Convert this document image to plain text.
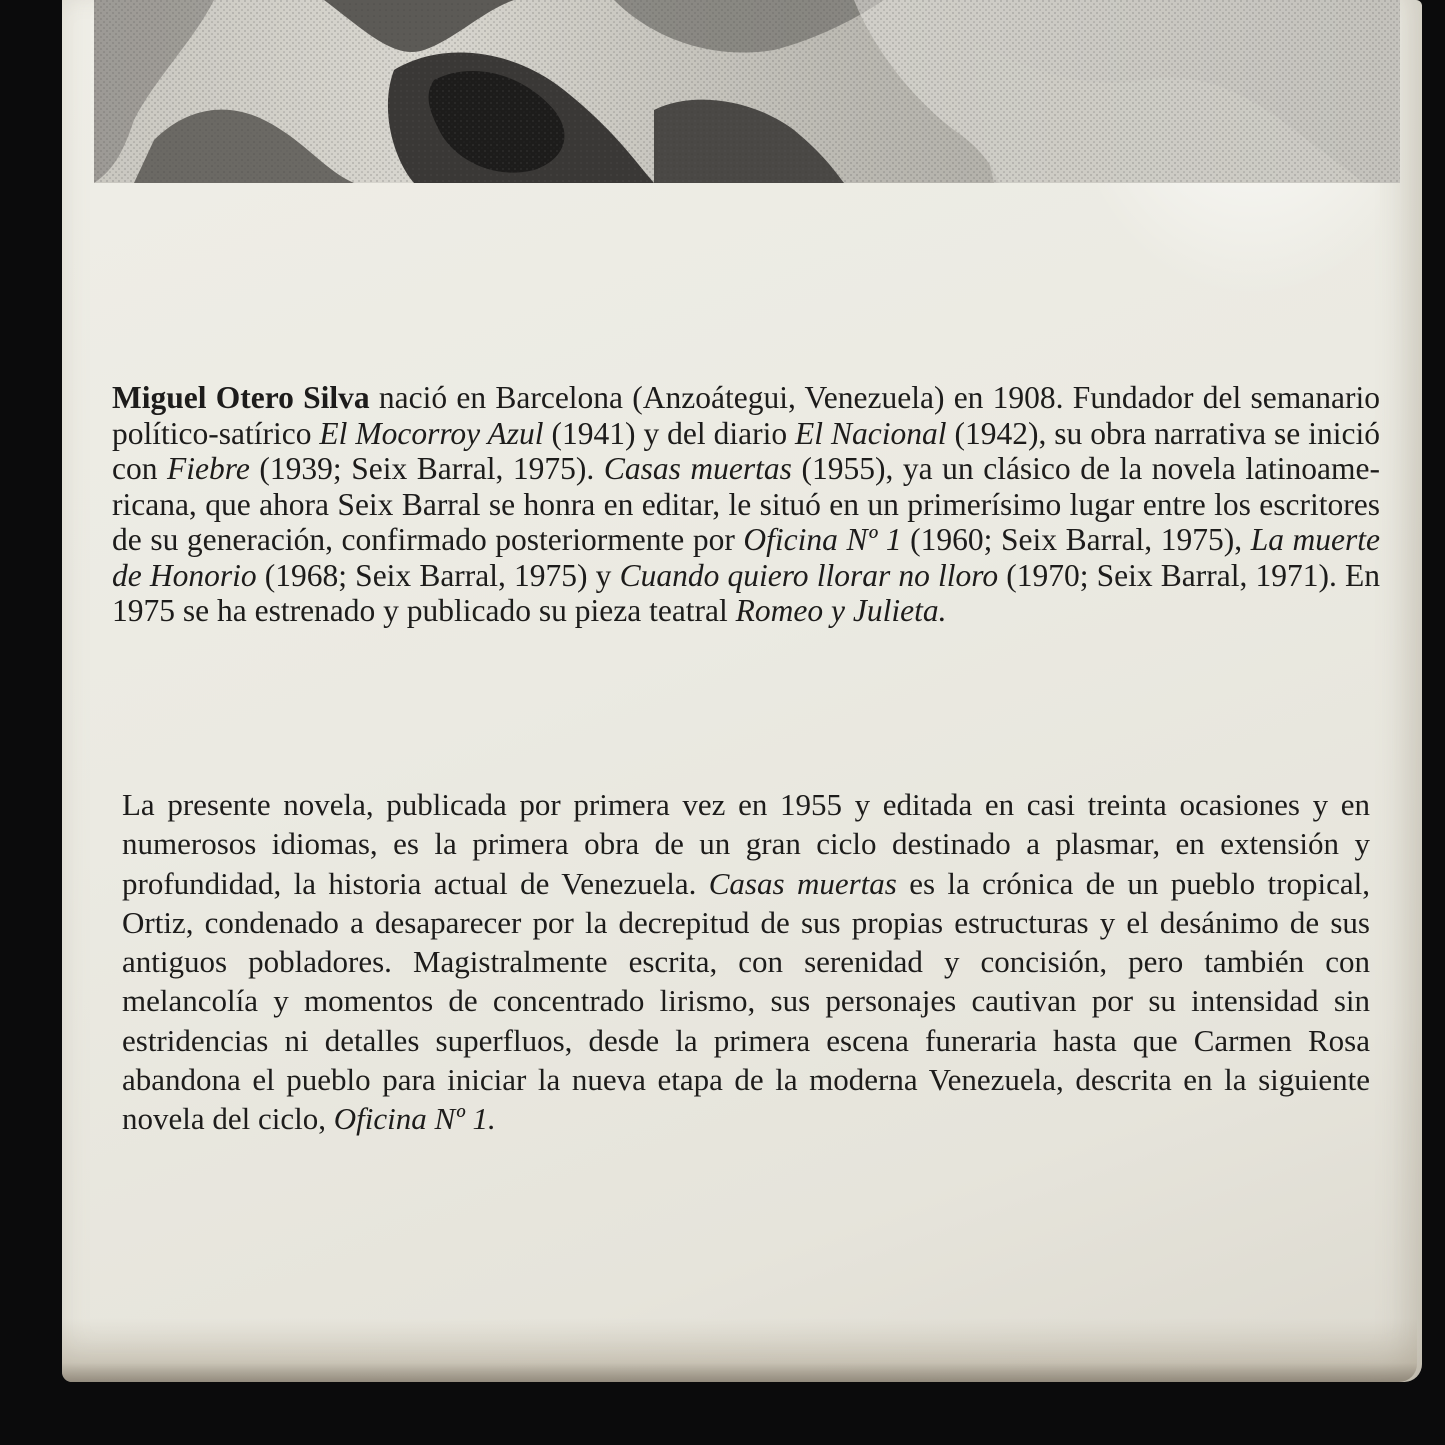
Miguel Otero Silva nació en Barcelona (Anzoátegui, Venezuela) en 1908. Fundador del semanario político-satírico El Mocorroy Azul (1941) y del diario El Nacional (1942), su obra narrativa se inició con Fiebre (1939; Seix Barral, 1975). Casas muertas (1955), ya un clásico de la novela latinoamericana, que ahora Seix Barral se honra en editar, le situó en un primerísimo lugar entre los escritores de su generación, confirmado posteriormente por Oficina Nº 1 (1960; Seix Barral, 1975), La muerte de Honorio (1968; Seix Barral, 1975) y Cuando quiero llorar no lloro (1970; Seix Barral, 1971). En 1975 se ha estrenado y publicado su pieza teatral Romeo y Julieta.

La presente novela, publicada por primera vez en 1955 y editada en casi treinta ocasiones y en numerosos idiomas, es la primera obra de un gran ciclo destinado a plasmar, en extensión y profundidad, la historia actual de Venezuela. Casas muertas es la crónica de un pueblo tropical, Ortiz, condenado a desaparecer por la decrepitud de sus propias estructuras y el desánimo de sus antiguos pobladores. Magistralmente escrita, con serenidad y concisión, pero también con melancolía y momentos de concentrado lirismo, sus personajes cautivan por su intensidad sin estridencias ni detalles superfluos, desde la primera escena funeraria hasta que Carmen Rosa abandona el pueblo para iniciar la nueva etapa de la moderna Venezuela, descrita en la siguiente novela del ciclo, Oficina Nº 1.
